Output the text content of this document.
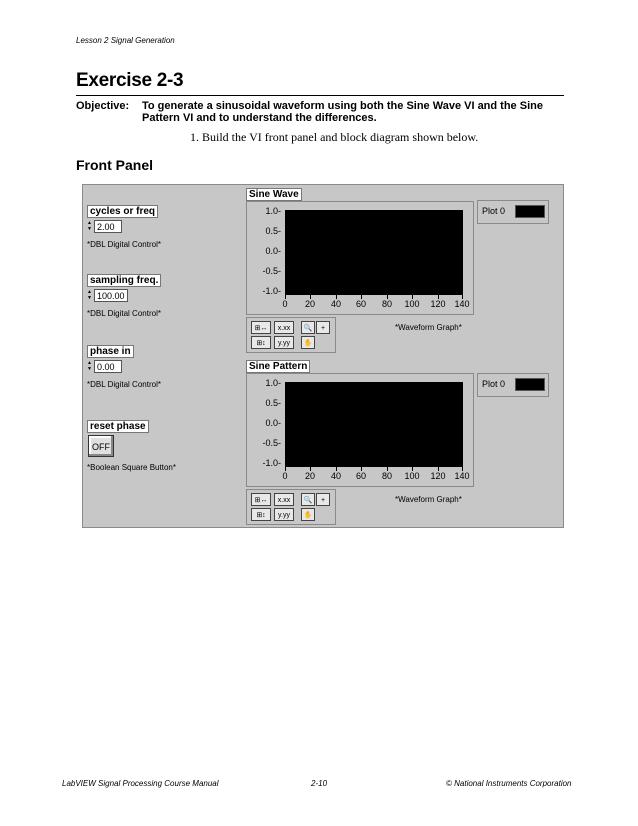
Lesson 2 Signal Generation
Exercise 2-3
Objective: To generate a sinusoidal waveform using both the Sine Wave VI and the Sine Pattern VI and to understand the differences.
1. Build the VI front panel and block diagram shown below.
Front Panel
cycles or freq
▲
▼ 2.00
*DBL Digital Control*
sampling freq.
▲
▼ 100.00
*DBL Digital Control*
phase in
▲
▼ 0.00
*DBL Digital Control*
reset phase
OFF
*Boolean Square Button*
Sine Wave
1.0-
0.5-
0.0-
-0.5-
-1.0-
0	20	40	60	80	100	120 140
Plot 0
⊞↔	x.xx
⊞↕	y.yy
🔍	+
✋
*Waveform Graph*
Sine Pattern
1.0-
0.5-
0.0-
-0.5-
-1.0-
0	20	40	60	80	100	120 140
Plot 0
⊞↔	x.xx
⊞↕	y.yy
🔍	+
✋
*Waveform Graph*
LabVIEW Signal Processing Course Manual	2-10	© National Instruments Corporation
